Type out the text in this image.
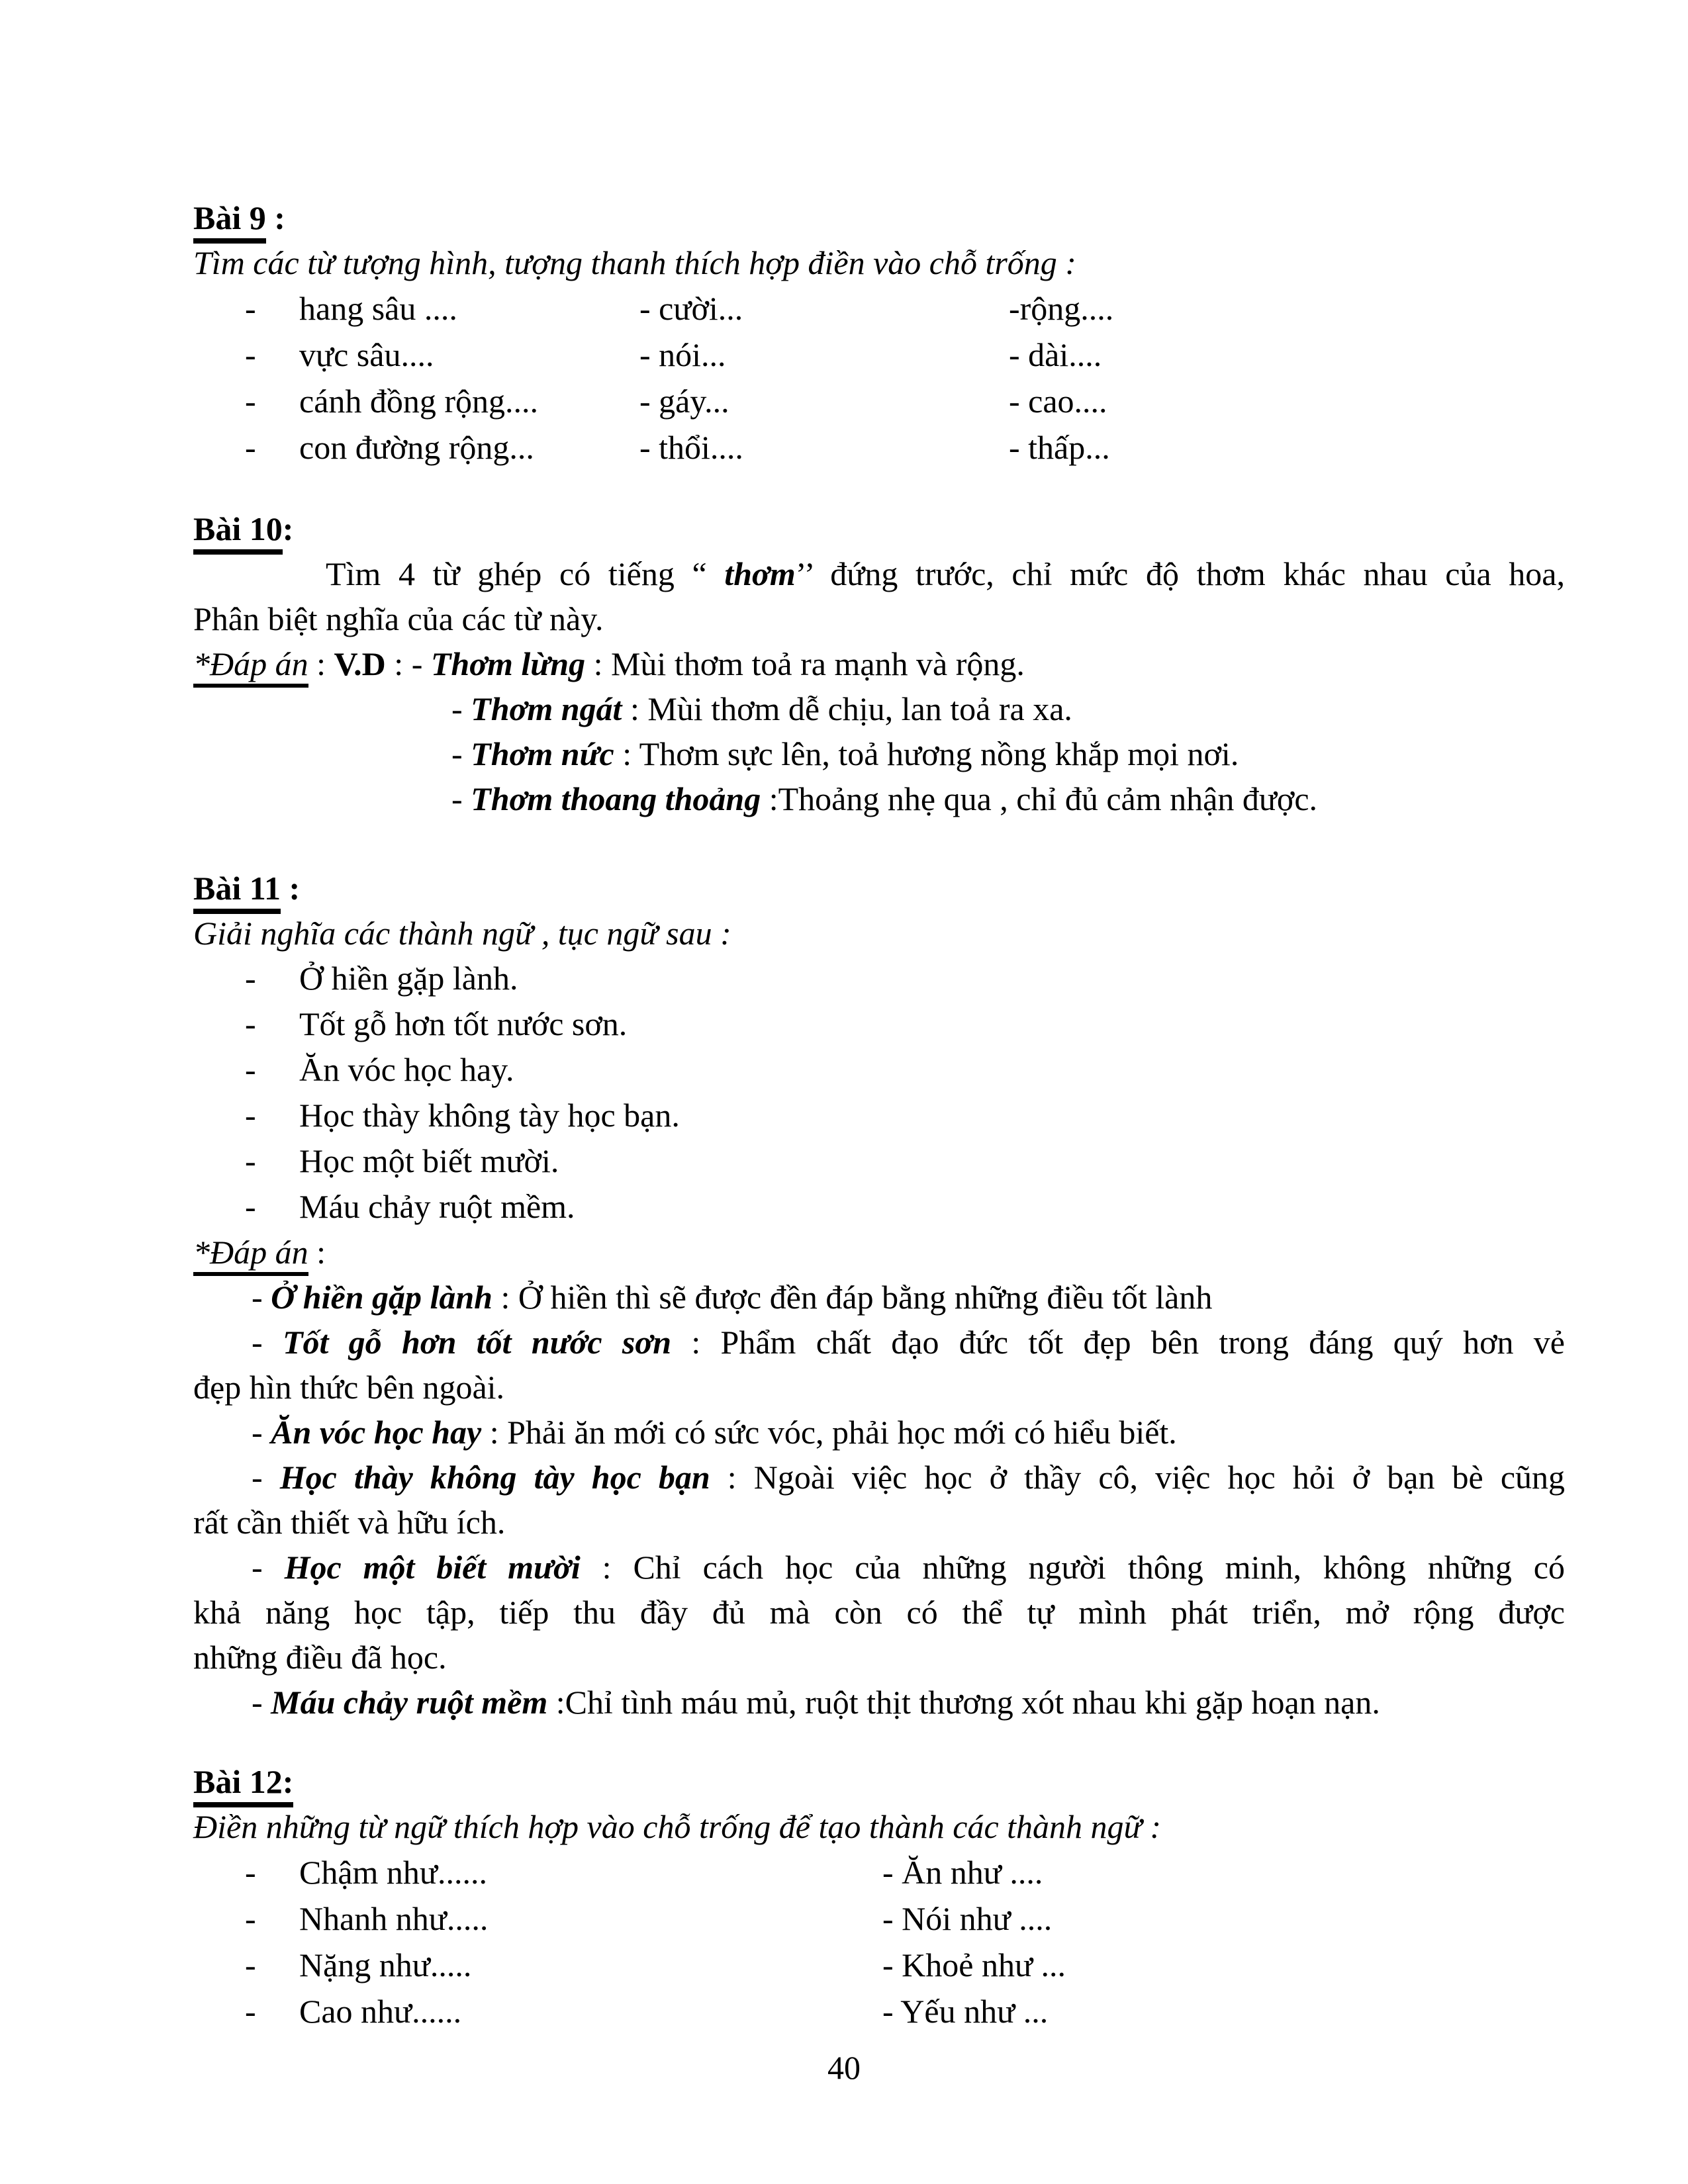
Bài 9 :
Tìm các từ tượng hình, tượng thanh thích hợp điền vào chỗ trống :
- hang sâu ....	- cười...	-rộng....
- vực sâu....	- nói...	- dài....
- cánh đồng rộng....	- gáy...	- cao....
- con đường rộng...	- thổi....	- thấp...
Bài 10:
Tìm 4 từ ghép có tiếng “ thơm’’ đứng trước, chỉ mức độ thơm khác nhau của hoa,
Phân biệt nghĩa của các từ này.
*Đáp án : V.D : - Thơm lừng : Mùi thơm toả ra mạnh và rộng.
- Thơm ngát : Mùi thơm dễ chịu, lan toả ra xa.
- Thơm nức : Thơm sực lên, toả hương nồng khắp mọi nơi.
- Thơm thoang thoảng :Thoảng nhẹ qua , chỉ đủ cảm nhận được.
Bài 11 :
Giải nghĩa các thành ngữ , tục ngữ sau :
- Ở hiền gặp lành.
- Tốt gỗ hơn tốt nước sơn.
- Ăn vóc học hay.
- Học thày không tày học bạn.
- Học một biết mười.
- Máu chảy ruột mềm.
*Đáp án :
- Ở hiền gặp lành : Ở hiền thì sẽ được đền đáp bằng những điều tốt lành
- Tốt gỗ hơn tốt nước sơn : Phẩm chất đạo đức tốt đẹp bên trong đáng quý hơn vẻ
đẹp hìn thức bên ngoài.
- Ăn vóc học hay : Phải ăn mới có sức vóc, phải học mới có hiểu biết.
- Học thày không tày học bạn : Ngoài việc học ở thầy cô, việc học hỏi ở bạn bè cũng
rất cần thiết và hữu ích.
- Học một biết mười : Chỉ cách học của những người thông minh, không những có
khả năng học tập, tiếp thu đầy đủ mà còn có thể tự mình phát triển, mở rộng được
những điều đã học.
- Máu chảy ruột mềm :Chỉ tình máu mủ, ruột thịt thương xót nhau khi gặp hoạn nạn.
Bài 12:
Điền những từ ngữ thích hợp vào chỗ trống để tạo thành các thành ngữ :
- Chậm như......	- Ăn như ....
- Nhanh như.....	- Nói như ....
- Nặng như.....	- Khoẻ như ...
- Cao như......	- Yếu như ...
40
